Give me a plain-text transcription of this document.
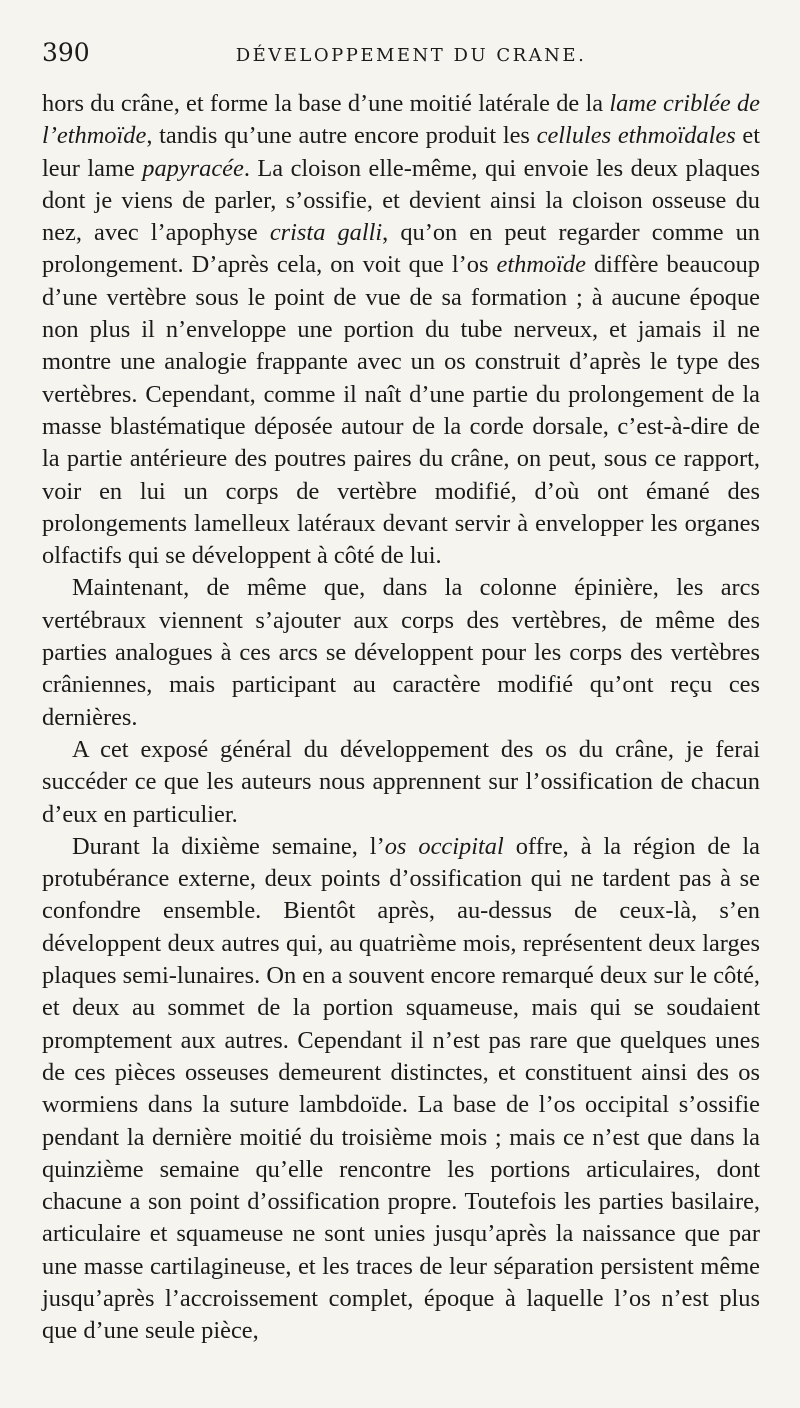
390	DÉVELOPPEMENT DU CRANE.

hors du crâne, et forme la base d’une moitié latérale de la lame criblée de l’ethmoïde, tandis qu’une autre encore produit les cellules ethmoïdales et leur lame papyracée. La cloison elle-même, qui envoie les deux plaques dont je viens de parler, s’ossifie, et devient ainsi la cloison osseuse du nez, avec l’apophyse crista galli, qu’on en peut regarder comme un prolongement. D’après cela, on voit que l’os ethmoïde diffère beaucoup d’une vertèbre sous le point de vue de sa formation ; à aucune époque non plus il n’enveloppe une portion du tube nerveux, et jamais il ne montre une analogie frappante avec un os construit d’après le type des vertèbres. Cependant, comme il naît d’une partie du prolongement de la masse blastématique déposée autour de la corde dorsale, c’est-à-dire de la partie antérieure des poutres paires du crâne, on peut, sous ce rapport, voir en lui un corps de vertèbre modifié, d’où ont émané des prolongements lamelleux latéraux devant servir à envelopper les organes olfactifs qui se développent à côté de lui.

Maintenant, de même que, dans la colonne épinière, les arcs vertébraux viennent s’ajouter aux corps des vertèbres, de même des parties analogues à ces arcs se développent pour les corps des vertèbres crâniennes, mais participant au caractère modifié qu’ont reçu ces dernières.

A cet exposé général du développement des os du crâne, je ferai succéder ce que les auteurs nous apprennent sur l’ossification de chacun d’eux en particulier.

Durant la dixième semaine, l’os occipital offre, à la région de la protubérance externe, deux points d’ossification qui ne tardent pas à se confondre ensemble. Bientôt après, au-dessus de ceux-là, s’en développent deux autres qui, au quatrième mois, représentent deux larges plaques semi-lunaires. On en a souvent encore remarqué deux sur le côté, et deux au sommet de la portion squameuse, mais qui se soudaient promptement aux autres. Cependant il n’est pas rare que quelques unes de ces pièces osseuses demeurent distinctes, et constituent ainsi des os wormiens dans la suture lambdoïde. La base de l’os occipital s’ossifie pendant la dernière moitié du troisième mois ; mais ce n’est que dans la quinzième semaine qu’elle rencontre les portions articulaires, dont chacune a son point d’ossification propre. Toutefois les parties basilaire, articulaire et squameuse ne sont unies jusqu’après la naissance que par une masse cartilagineuse, et les traces de leur séparation persistent même jusqu’après l’accroissement complet, époque à laquelle l’os n’est plus que d’une seule pièce,
